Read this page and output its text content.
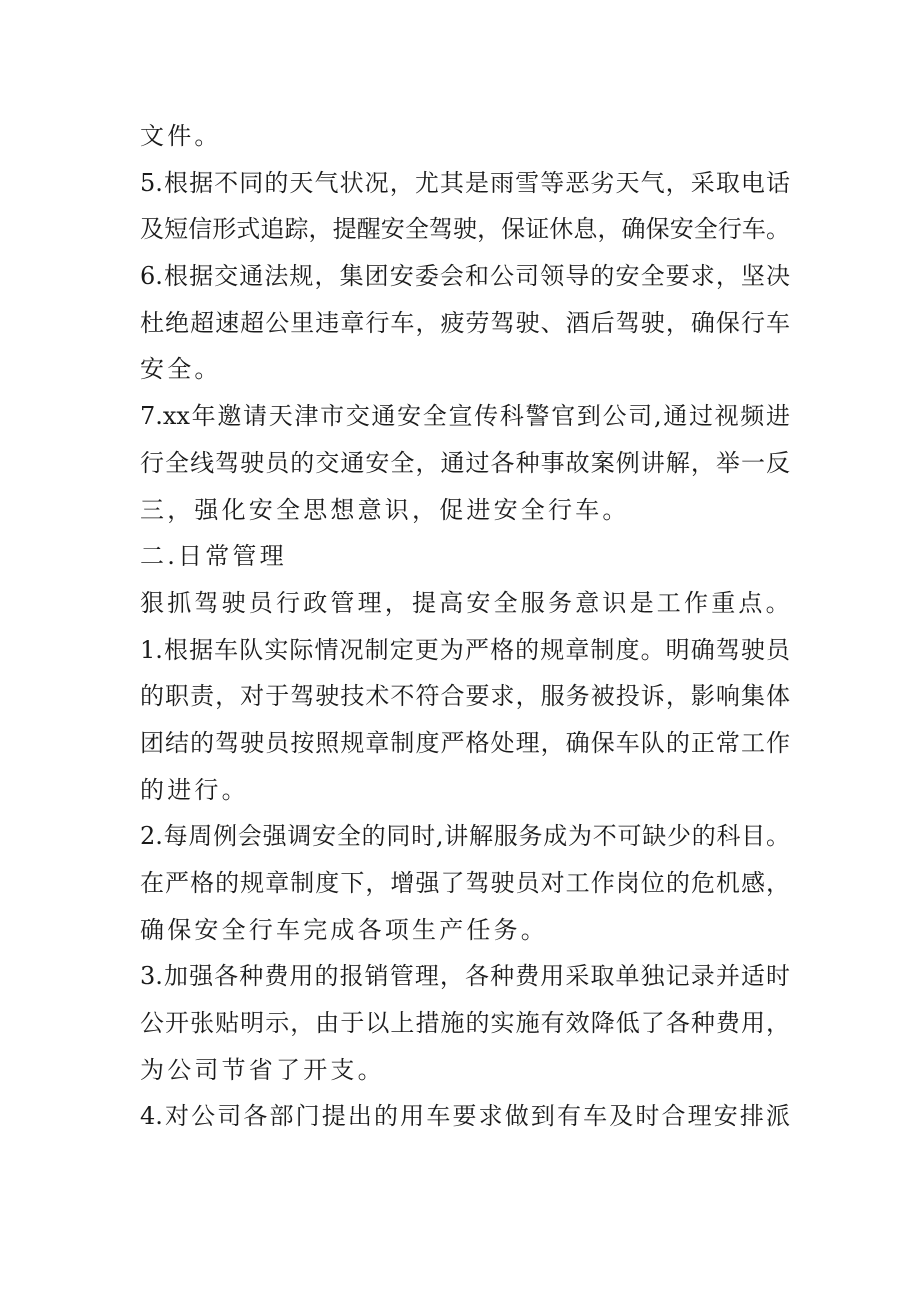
文件。
5.根据不同的天气状况，尤其是雨雪等恶劣天气，采取电话
及短信形式追踪，提醒安全驾驶，保证休息，确保安全行车。
6.根据交通法规，集团安委会和公司领导的安全要求，坚决
杜绝超速超公里违章行车，疲劳驾驶、酒后驾驶，确保行车
安全。
7.xx年邀请天津市交通安全宣传科警官到公司,通过视频进
行全线驾驶员的交通安全，通过各种事故案例讲解，举一反
三，强化安全思想意识，促进安全行车。
二.日常管理
狠抓驾驶员行政管理，提高安全服务意识是工作重点。
1.根据车队实际情况制定更为严格的规章制度。明确驾驶员
的职责，对于驾驶技术不符合要求，服务被投诉，影响集体
团结的驾驶员按照规章制度严格处理，确保车队的正常工作
的进行。
2.每周例会强调安全的同时,讲解服务成为不可缺少的科目。
在严格的规章制度下，增强了驾驶员对工作岗位的危机感，
确保安全行车完成各项生产任务。
3.加强各种费用的报销管理，各种费用采取单独记录并适时
公开张贴明示，由于以上措施的实施有效降低了各种费用，
为公司节省了开支。
4.对公司各部门提出的用车要求做到有车及时合理安排派
